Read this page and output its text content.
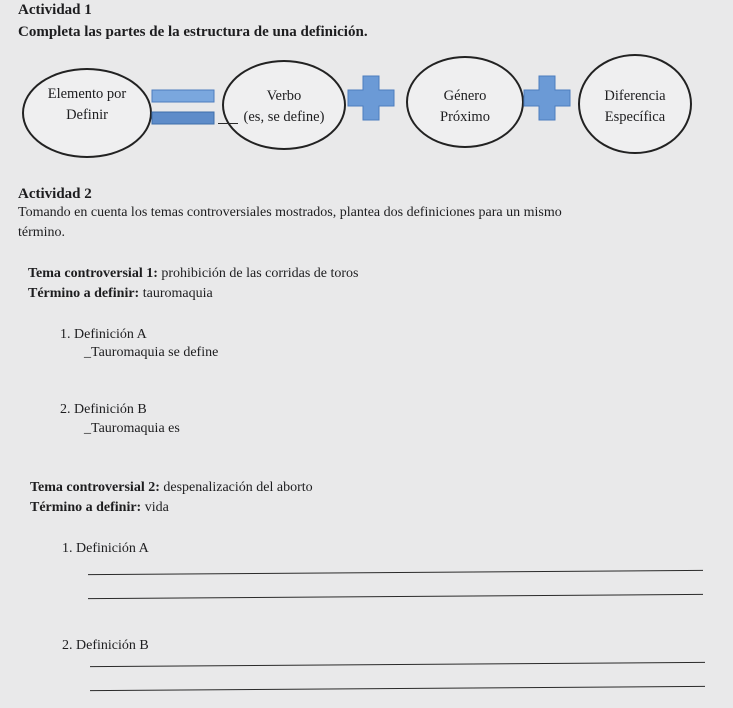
Actividad 1
Completa las partes de la estructura de una definición.
Elemento por
Definir
Verbo
(es, se define)
Género
Próximo
Diferencia
Específica
Actividad 2
Tomando en cuenta los temas controversiales mostrados, plantea dos definiciones para un mismo
término.
Tema controversial 1: prohibición de las corridas de toros
Término a definir: tauromaquia
1. Definición A
_Tauromaquia se define
2. Definición B
_Tauromaquia es
Tema controversial 2: despenalización del aborto
Término a definir: vida
1. Definición A
2. Definición B
